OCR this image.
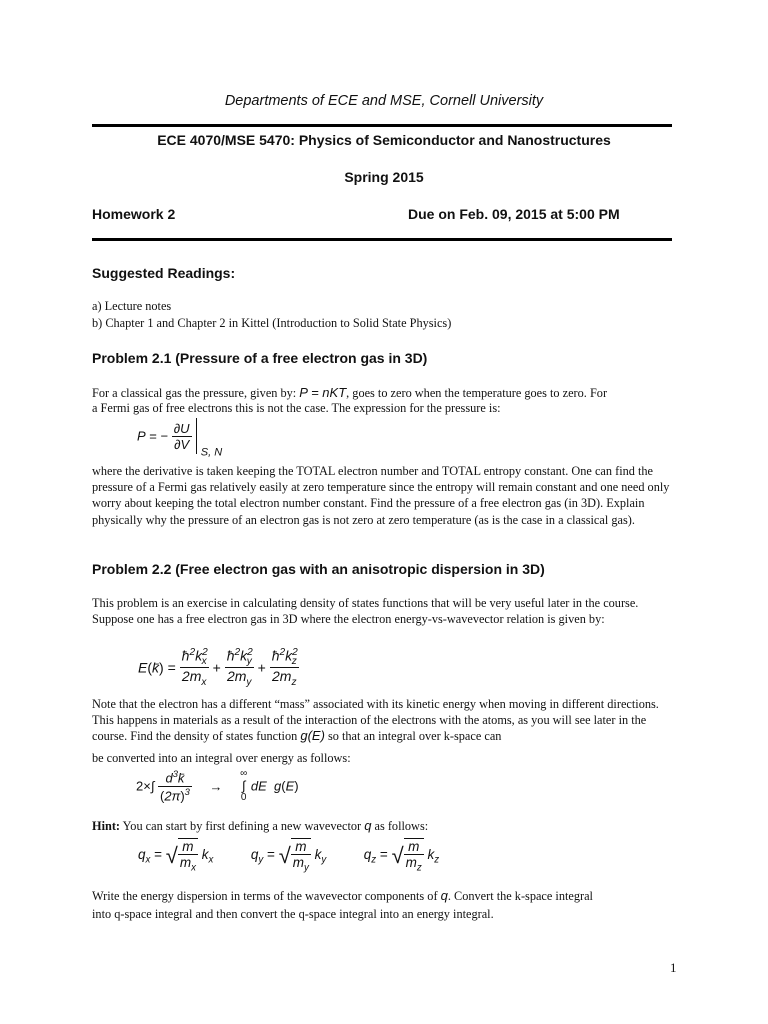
Departments of ECE and MSE, Cornell University
ECE 4070/MSE 5470: Physics of Semiconductor and Nanostructures
Spring 2015
Homework 2	Due on Feb. 09, 2015 at 5:00 PM
Suggested Readings:
a) Lecture notes
b) Chapter 1 and Chapter 2 in Kittel (Introduction to Solid State Physics)
Problem 2.1 (Pressure of a free electron gas in 3D)
For a classical gas the pressure, given by: P = nKT, goes to zero when the temperature goes to zero. For
a Fermi gas of free electrons this is not the case. The expression for the pressure is:
P = − $\frac{\partial U}{\partial V}$
$_{S, N}$
where the derivative is taken keeping the TOTAL electron number and TOTAL entropy constant. One can find the pressure of a Fermi gas relatively easily at zero temperature since the entropy will remain constant and one need only worry about keeping the total electron number constant. Find the pressure of a free electron gas (in 3D). Explain physically why the pressure of an electron gas is not zero at zero temperature (as is the case in a classical gas).
Problem 2.2 (Free electron gas with an anisotropic dispersion in 3D)
This problem is an exercise in calculating density of states functions that will be very useful later in the course. Suppose one has a free electron gas in 3D where the electron energy-vs-wavevector relation is given by:
E(k̄) = $\frac{ħ^2k^2_x}{2m_x} + \frac{ħ^2k^2_y}{2m_y} + \frac{ħ^2k^2_z}{2m_z}$
Note that the electron has a different “mass” associated with its kinetic energy when moving in different directions. This happens in materials as a result of the interaction of the electrons with the atoms, as you will see later in the course. Find the density of states function g(E) so that an integral over k-space can
be converted into an integral over energy as follows:
$2\times\int \frac{d^3k̄}{(2\pi)^3}$ →
∞
∫
0
dE g(E)
Hint: You can start by first defining a new wavevector q as follows:
$q_x$ = √ $\frac{m}{m_x} k_x$	$q_y$ = √ $\frac{m}{m_y} k_y$	$q_z$ = √ $\frac{m}{m_z} k_z$
Write the energy dispersion in terms of the wavevector components of q. Convert the k-space integral
into q-space integral and then convert the q-space integral into an energy integral.
1
